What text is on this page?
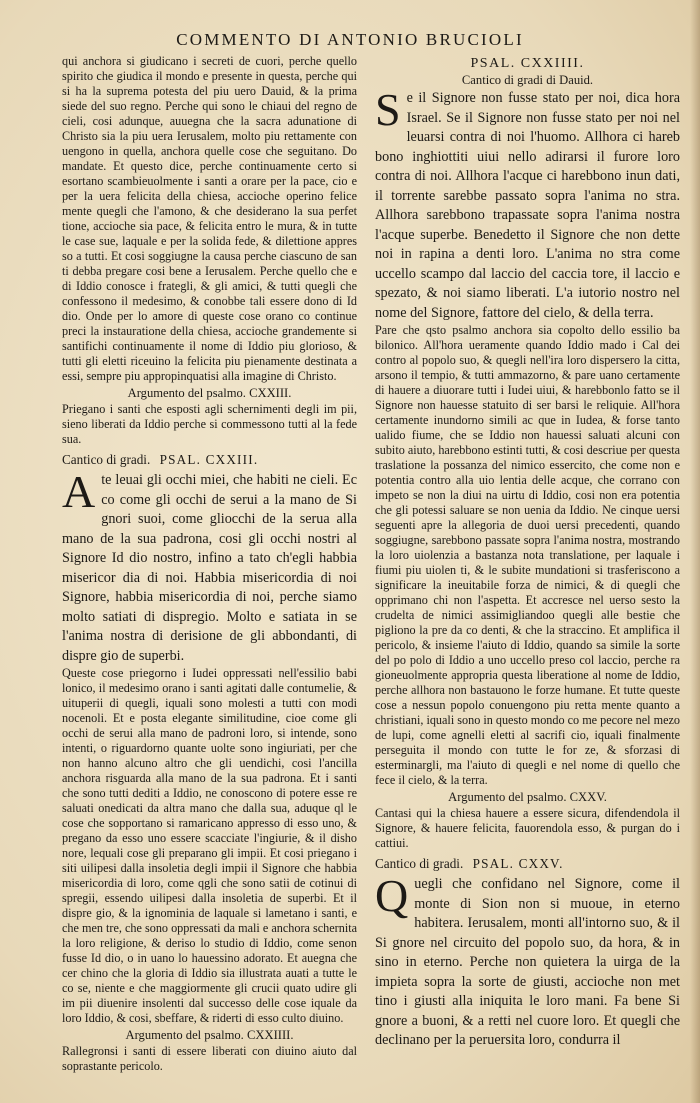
COMMENTO DI ANTONIO BRUCIOLI

qui anchora si giudicano i secreti de cuori, perche quello spirito che giudica il mondo e presente in questa, perche qui si ha la suprema potesta del piu uero Dauid, & la prima siede del suo regno. Perche qui sono le chiaui del regno de cieli, cosi adunque, auuegna che la sacra adunatione di Christo sia la piu uera Ierusalem, molto piu rettamente con uengono in quella, anchora quelle cose che seguitano. Do mandate. Et questo dice, perche continuamente certo si esortano scambieuolmente i santi a orare per la pace, cio e per la uera felicita della chiesa, accioche operino felice mente quegli che l'amono, & che desiderano la sua perfet tione, accioche sia pace, & felicita entro le mura, & in tutte le case sue, laquale e per la solida fede, & dilettione appres so a tutti. Et cosi soggiugne la causa perche ciascuno de san ti debba pregare cosi bene a Ierusalem. Perche quello che e di Iddio conosce i frategli, & gli amici, & tutti quegli che confessono il medesimo, & conobbe tali essere dono di Id dio. Onde per lo amore di queste cose orano co continue preci la instauratione della chiesa, accioche grandemente si santifichi continuamente il nome di Iddio piu glorioso, & tutti gli eletti riceuino la felicita piu pienamente destinata a essi, sempre piu appropinquatisi alla imagine di Christo.

Argumento del psalmo. CXXIII.

Priegano i santi che esposti agli schernimenti degli im pii, sieno liberati da Iddio perche si commessono tutti al la fede sua.

Cantico di gradi. PSAL. CXXIII.

Ate leuai gli occhi miei, che habiti ne cieli. Ec co come gli occhi de serui a la mano de Si gnori suoi, come gliocchi de la serua alla mano de la sua padrona, cosi gli occhi nostri al Signore Id dio nostro, infino a tato ch'egli habbia misericor dia di noi. Habbia misericordia di noi Signore, habbia misericordia di noi, perche siamo molto satiati di dispregio. Molto e satiata in se l'anima nostra di derisione de gli abbondanti, di dispre gio de superbi.

Queste cose priegorno i Iudei oppressati nell'essilio babi lonico, il medesimo orano i santi agitati dalle contumelie, & uituperii di quegli, iquali sono molesti a tutti con modi nocenoli. Et e posta elegante similitudine, cioe come gli occhi de serui alla mano de padroni loro, si intende, sono intenti, o riguardorno quante uolte sono ingiuriati, per che non hanno alcuno altro che gli uendichi, cosi l'ancilla anchora risguarda alla mano de la sua padrona. Et i santi che sono tutti dediti a Iddio, ne conoscono di potere esse re saluati onedicati da altra mano che dalla sua, aduque ql le cose che sopportano si ramaricano appresso di esso uno, & pregano da esso uno essere scacciate l'ingiurie, & il disho nore, lequali cose gli preparano gli impii. Et cosi priegano i siti uilipesi dalla insoletia degli impii il Signore che habbia misericordia di loro, come qgli che sono satii de cotinui di spregii, essendo uilipesi dalla insoletia de superbi. Et il dispre gio, & la ignominia de laquale si lametano i santi, e che men tre, che sono oppressati da mali e anchora schernita la loro religione, & deriso lo studio di Iddio, come senon fusse Id dio, o in uano lo hauessino adorato. Et auegna che cer chino che la gloria di Iddio sia illustrata auati a tutte le co se, niente e che maggiormente gli crucii quato udire gli im pii diuenire insolenti dal successo delle cose iquale da loro Iddio, & cosi, sbeffare, & riderti di esso culto diuino.

Argumento del psalmo. CXXIIII.

Rallegronsi i santi di essere liberati con diuino aiuto dal soprastante pericolo.

PSAL. CXXIIII.
Cantico di gradi di Dauid.

Se il Signore non fusse stato per noi, dica hora Israel. Se il Signore non fusse stato per noi nel leuarsi contra di noi l'huomo. Allhora ci hareb bono inghiottiti uiui nello adirarsi il furore loro contra di noi. Allhora l'acque ci harebbono inun dati, il torrente sarebbe passato sopra l'anima no stra. Allhora sarebbono trapassate sopra l'anima nostra l'acque superbe. Benedetto il Signore che non dette noi in rapina a denti loro. L'anima no stra come uccello scampo dal laccio del caccia tore, il laccio e spezato, & noi siamo liberati. L'a iutorio nostro nel nome del Signore, fattore del cielo, & della terra.

Pare che qsto psalmo anchora sia copolto dello essilio ba bilonico. All'hora ueramente quando Iddio mado i Cal dei contro al popolo suo, & quegli nell'ira loro dispersero la citta, arsono il tempio, & tutti ammazorno, & pare uano certamente di hauere a diuorare tutti i Iudei uiui, & harebbonlo fatto se il Signore non hauesse statuito di ser barsi le reliquie. All'hora certamente inundorno simili ac que in Iudea, & forse tanto ualido fiume, che se Iddio non hauessi saluati alcuni con subito aiuto, harebbono estinti tutti, & cosi descriue per questa traslatione la possanza del nimico essercito, che come non e potentia contro alla uio lentia delle acque, che corrano con impeto se non la diui na uirtu di Iddio, cosi non era potentia che gli potessi saluare se non uenia da Iddio. Ne cinque uersi seguenti apre la allegoria de duoi uersi precedenti, quando soggiugne, sarebbono passate sopra l'anima nostra, mostrando la loro uiolenzia a bastanza nota translatione, per laquale i fiumi piu uiolen ti, & le subite mundationi si trasferiscono a significare la ineuitabile forza de nimici, & di quegli che opprimano chi non l'aspetta. Et accresce nel uerso sesto la crudelta de nimici assimigliandoo quegli alle bestie che pigliono la pre da co denti, & che la straccino. Et amplifica il pericolo, & insieme l'aiuto di Iddio, quando sa simile la sorte del po polo di Iddio a uno uccello preso col laccio, perche ra gioneuolmente appropria questa liberatione al nome de Iddio, perche allhora non bastauono le forze humane. Et tutte queste cose a nessun popolo conuengono piu retta mente quanto a christiani, iquali sono in questo mondo co me pecore nel mezo de lupi, come agnelli eletti al sacrifi cio, iquali finalmente perseguita il mondo con tutte le for ze, & sforzasi di esterminargli, ma l'aiuto di quegli e nel nome di quello che fece il cielo, & la terra.

Argumento del psalmo. CXXV.

Cantasi qui la chiesa hauere a essere sicura, difendendola il Signore, & hauere felicita, fauorendola esso, & purgan do i cattiui.

Cantico di gradi. PSAL. CXXV.

Quegli che confidano nel Signore, come il monte di Sion non si muoue, in eterno habitera. Ierusalem, monti all'intorno suo, & il Si gnore nel circuito del popolo suo, da hora, & in sino in eterno. Perche non quietera la uirga de la impieta sopra la sorte de giusti, accioche non met tino i giusti alla iniquita le loro mani. Fa bene Si gnore a buoni, & a retti nel cuore loro. Et quegli che declinano per la peruersita loro, condurra il
